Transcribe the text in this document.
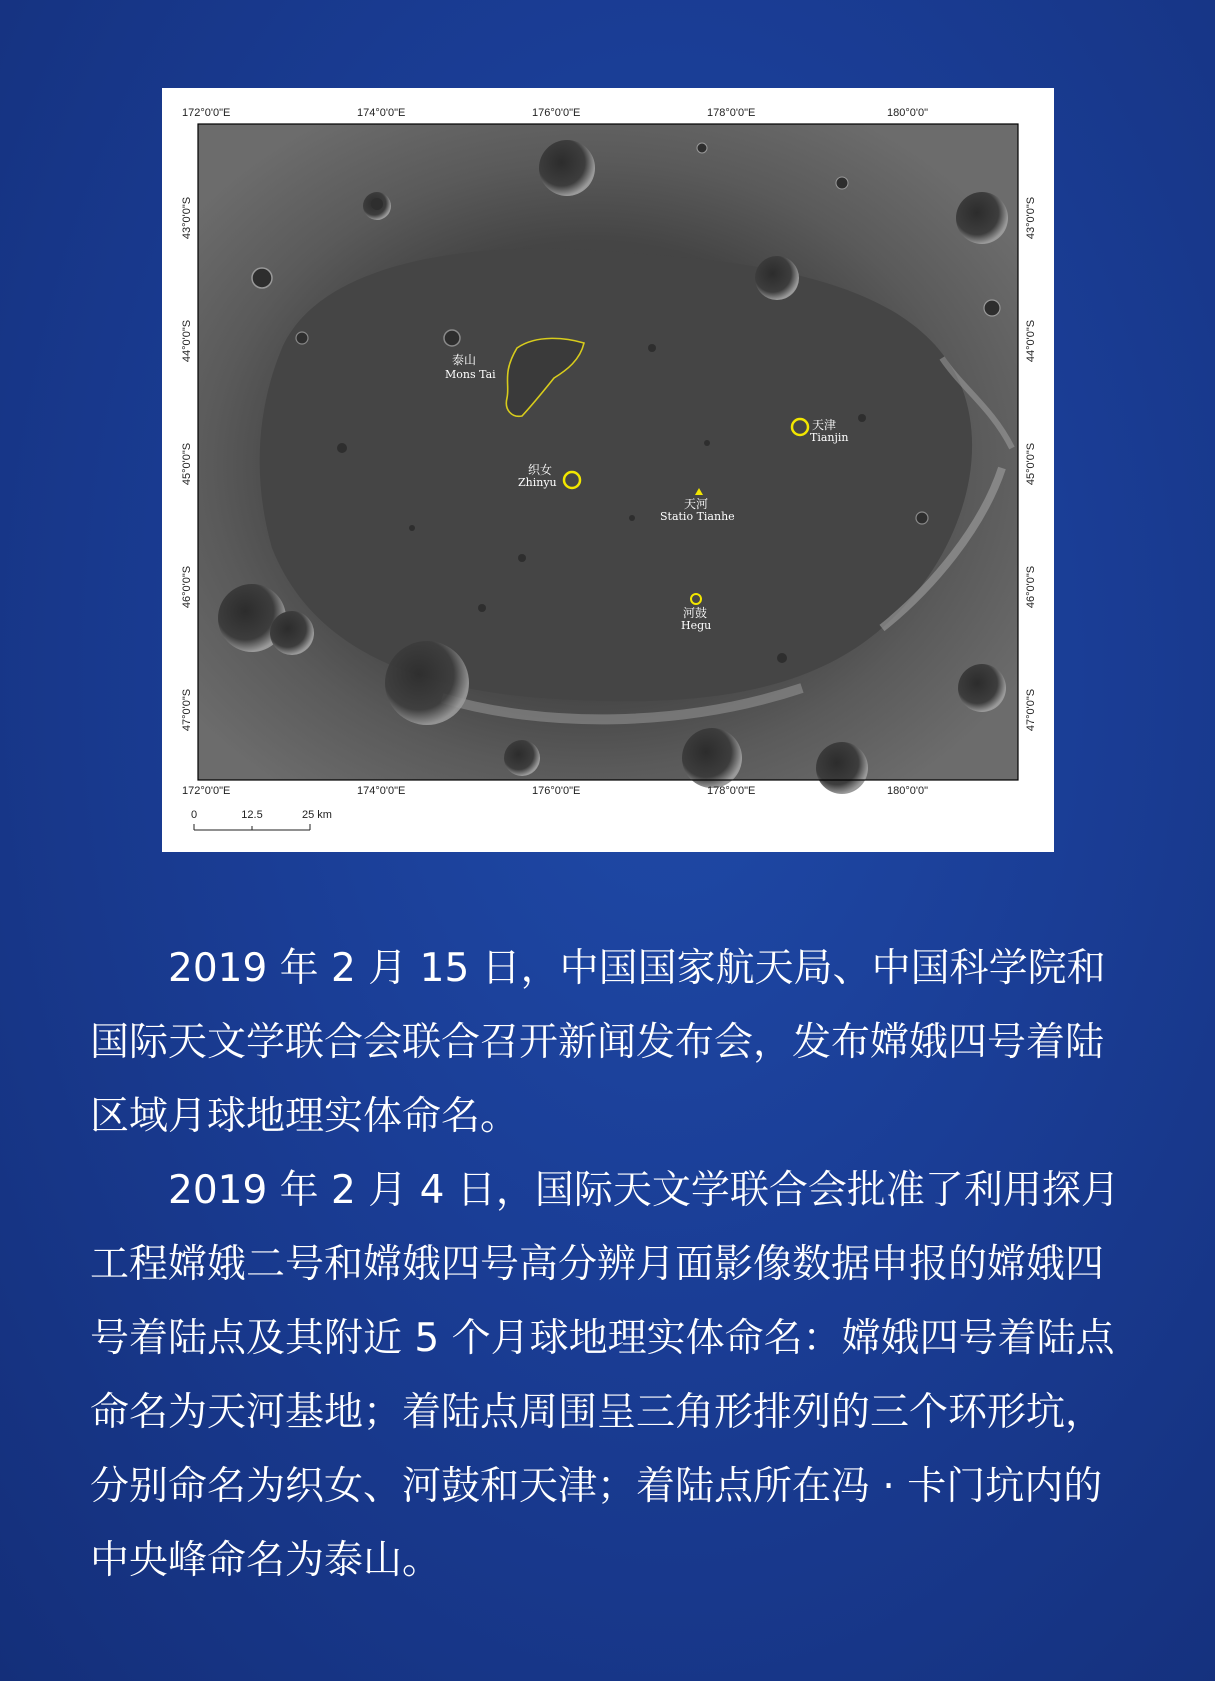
泰山
Mons Tai
天津
Tianjin
织女
Zhinyu
天河
Statio Tianhe
河鼓
Hegu
172°0'0"E	174°0'0"E	176°0'0"E	178°0'0"E	180°0'0"
172°0'0"E	174°0'0"E	176°0'0"E	178°0'0"E	180°0'0"
43°0'0"S
44°0'0"S
45°0'0"S
46°0'0"S
47°0'0"S
43°0'0"S
44°0'0"S
45°0'0"S
46°0'0"S
47°0'0"S
0	12.5	25 km

2019 年 2 月 15 日，中国国家航天局、中国科学院和国际天文学联合会联合召开新闻发布会，发布嫦娥四号着陆区域月球地理实体命名。

2019 年 2 月 4 日，国际天文学联合会批准了利用探月工程嫦娥二号和嫦娥四号高分辨月面影像数据申报的嫦娥四号着陆点及其附近 5 个月球地理实体命名：嫦娥四号着陆点命名为天河基地；着陆点周围呈三角形排列的三个环形坑，分别命名为织女、河鼓和天津；着陆点所在冯 · 卡门坑内的中央峰命名为泰山。
